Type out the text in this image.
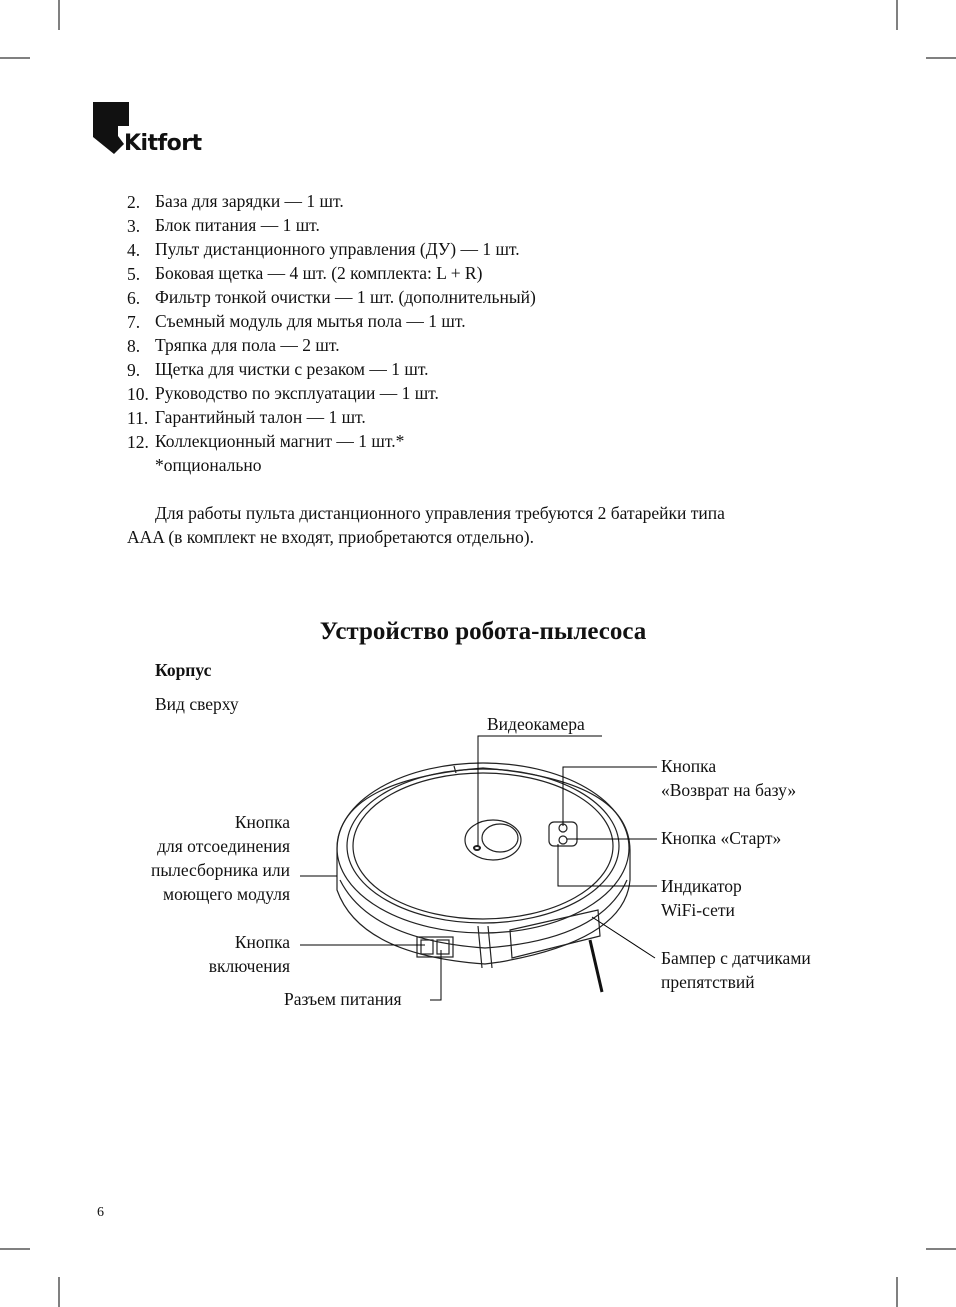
Kitfort
2. База для зарядки — 1 шт.
3. Блок питания — 1 шт.
4. Пульт дистанционного управления (ДУ) — 1 шт.
5. Боковая щетка — 4 шт. (2 комплекта: L + R)
6. Фильтр тонкой очистки — 1 шт. (дополнительный)
7. Съемный модуль для мытья пола — 1 шт.
8. Тряпка для пола — 2 шт.
9. Щетка для чистки с резаком — 1 шт.
10. Руководство по эксплуатации — 1 шт.
11. Гарантийный талон — 1 шт.
12. Коллекционный магнит — 1 шт.*
*опционально
Для работы пульта дистанционного управления требуются 2 батарейки типа
AAA (в комплект не входят, приобретаются отдельно).
Устройство робота-пылесоса
Корпус
Вид сверху
Видеокамера
Кнопка
«Возврат на базу»
Кнопка «Старт»
Индикатор
WiFi-сети
Бампер с датчиками
препятствий
Кнопка
для отсоединения
пылесборника или
моющего модуля
Кнопка
включения
Разъем питания
6
